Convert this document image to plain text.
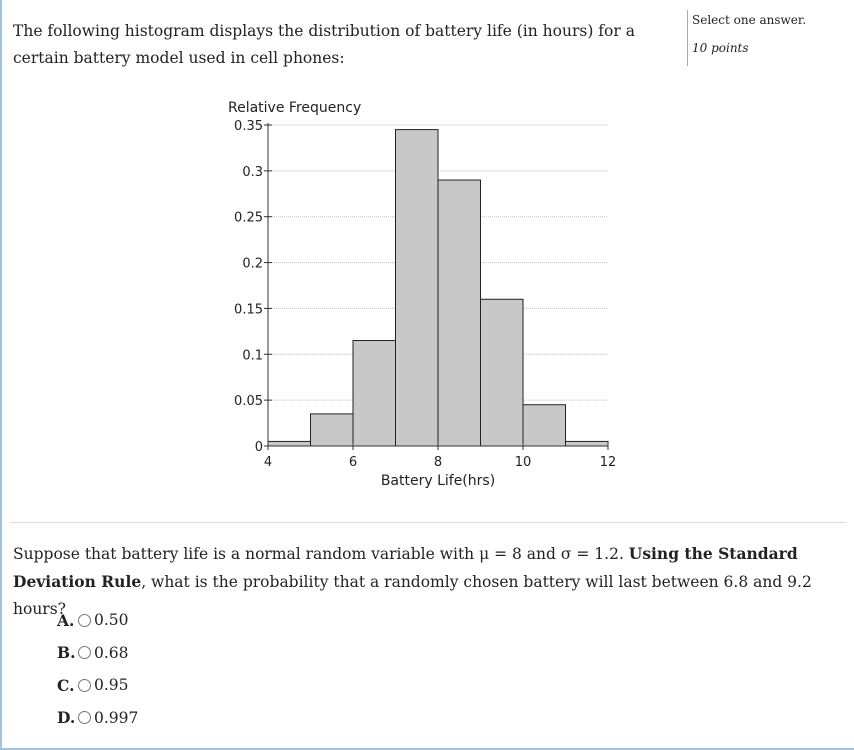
The following histogram displays the distribution of battery life (in hours) for a certain battery model used in cell phones:
Select one answer.
10 points
Relative Frequency
Battery Life(hrs)
0
0.05
0.1
0.15
0.2
0.25
0.3
0.35
4	6	8	10	12
Suppose that battery life is a normal random variable with μ = 8 and σ = 1.2. Using the Standard Deviation Rule, what is the probability that a randomly chosen battery will last between 6.8 and 9.2 hours?
A. 0.50
B. 0.68
C. 0.95
D. 0.997
